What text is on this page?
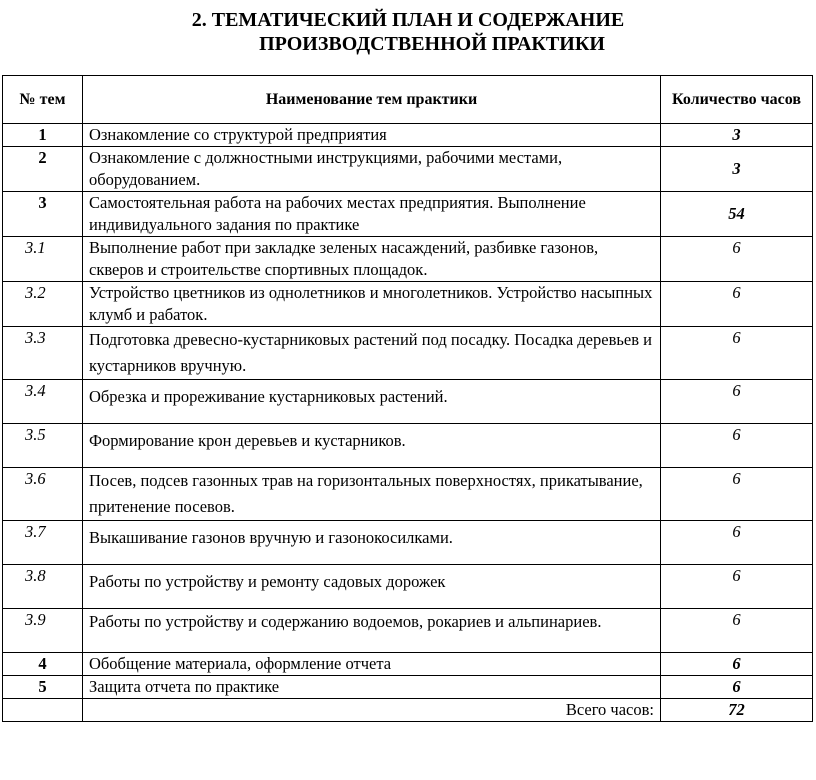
2. ТЕМАТИЧЕСКИЙ ПЛАН И СОДЕРЖАНИЕ
ПРОИЗВОДСТВЕННОЙ ПРАКТИКИ
№ тем	Наименование тем практики	Количество часов
1	Ознакомление со структурой предприятия	3
2	Ознакомление с должностными инструкциями, рабочими местами, оборудованием.	3
3	Самостоятельная работа на рабочих местах предприятия. Выполнение индивидуального задания по практике	54
3.1	Выполнение работ при закладке зеленых насаждений, разбивке газонов, скверов и строительстве спортивных площадок.	6
3.2	Устройство цветников из однолетников и многолетников. Устройство насыпных клумб и рабаток.	6
3.3	Подготовка древесно-кустарниковых растений под посадку. Посадка деревьев и кустарников вручную.	6
3.4	Обрезка и прореживание кустарниковых растений.	6
3.5	Формирование крон деревьев и кустарников.	6
3.6	Посев, подсев газонных трав на горизонтальных поверхностях, прикатывание, притенение посевов.	6
3.7	Выкашивание газонов вручную и газонокосилками.	6
3.8	Работы по устройству и ремонту садовых дорожек	6
3.9	Работы по устройству и содержанию водоемов, рокариев и альпинариев.	6
4	Обобщение материала, оформление отчета	6
5	Защита отчета по практике	6
	Всего часов:	72
